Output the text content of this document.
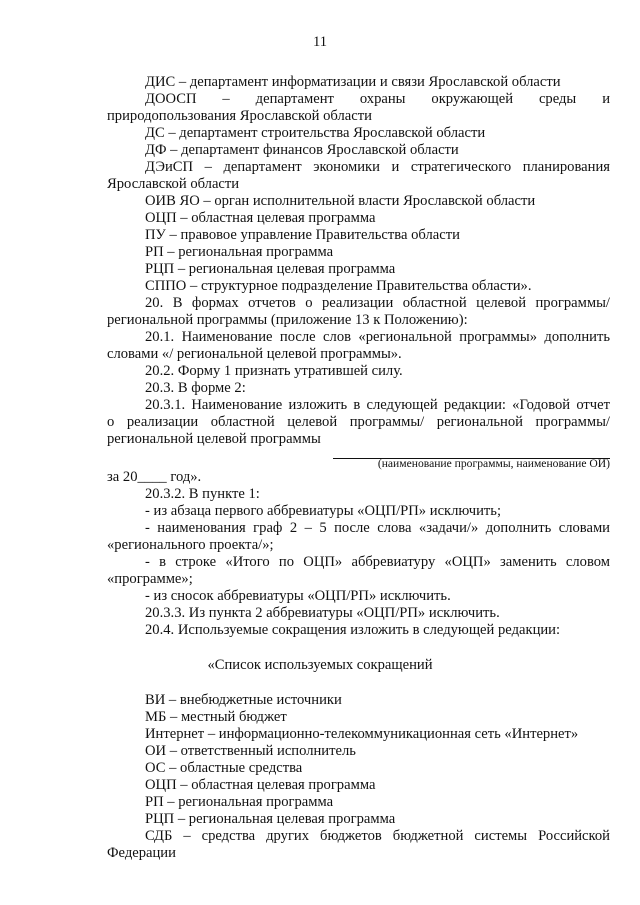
11
ДИС – департамент информатизации и связи Ярославской области
ДООСП – департамент охраны окружающей среды и
природопользования Ярославской области
ДС – департамент строительства Ярославской области
ДФ – департамент финансов Ярославской области
ДЭиСП – департамент экономики и стратегического планирования
Ярославской области
ОИВ ЯО – орган исполнительной власти Ярославской области
ОЦП – областная целевая программа
ПУ – правовое управление Правительства области
РП – региональная программа
РЦП – региональная целевая программа
СППО – структурное подразделение Правительства области».
20. В формах отчетов о реализации областной целевой программы/
региональной программы (приложение 13 к Положению):
20.1. Наименование после слов «региональной программы» дополнить
словами «/ региональной целевой программы».
20.2. Форму 1 признать утратившей силу.
20.3. В форме 2:
20.3.1. Наименование изложить в следующей редакции: «Годовой отчет
о реализации областной целевой программы/ региональной программы/
региональной целевой программы
(наименование программы, наименование ОИ)
за 20____ год».
20.3.2. В пункте 1:
- из абзаца первого аббревиатуры «ОЦП/РП» исключить;
- наименования граф 2 – 5 после слова «задачи/» дополнить словами
«регионального проекта/»;
- в строке «Итого по ОЦП» аббревиатуру «ОЦП» заменить словом
«программе»;
- из сносок аббревиатуры «ОЦП/РП» исключить.
20.3.3. Из пункта 2 аббревиатуры «ОЦП/РП» исключить.
20.4. Используемые сокращения изложить в следующей редакции:
«Список используемых сокращений
ВИ – внебюджетные источники
МБ – местный бюджет
Интернет – информационно-телекоммуникационная сеть «Интернет»
ОИ – ответственный исполнитель
ОС – областные средства
ОЦП – областная целевая программа
РП – региональная программа
РЦП – региональная целевая программа
СДБ – средства других бюджетов бюджетной системы Российской
Федерации
